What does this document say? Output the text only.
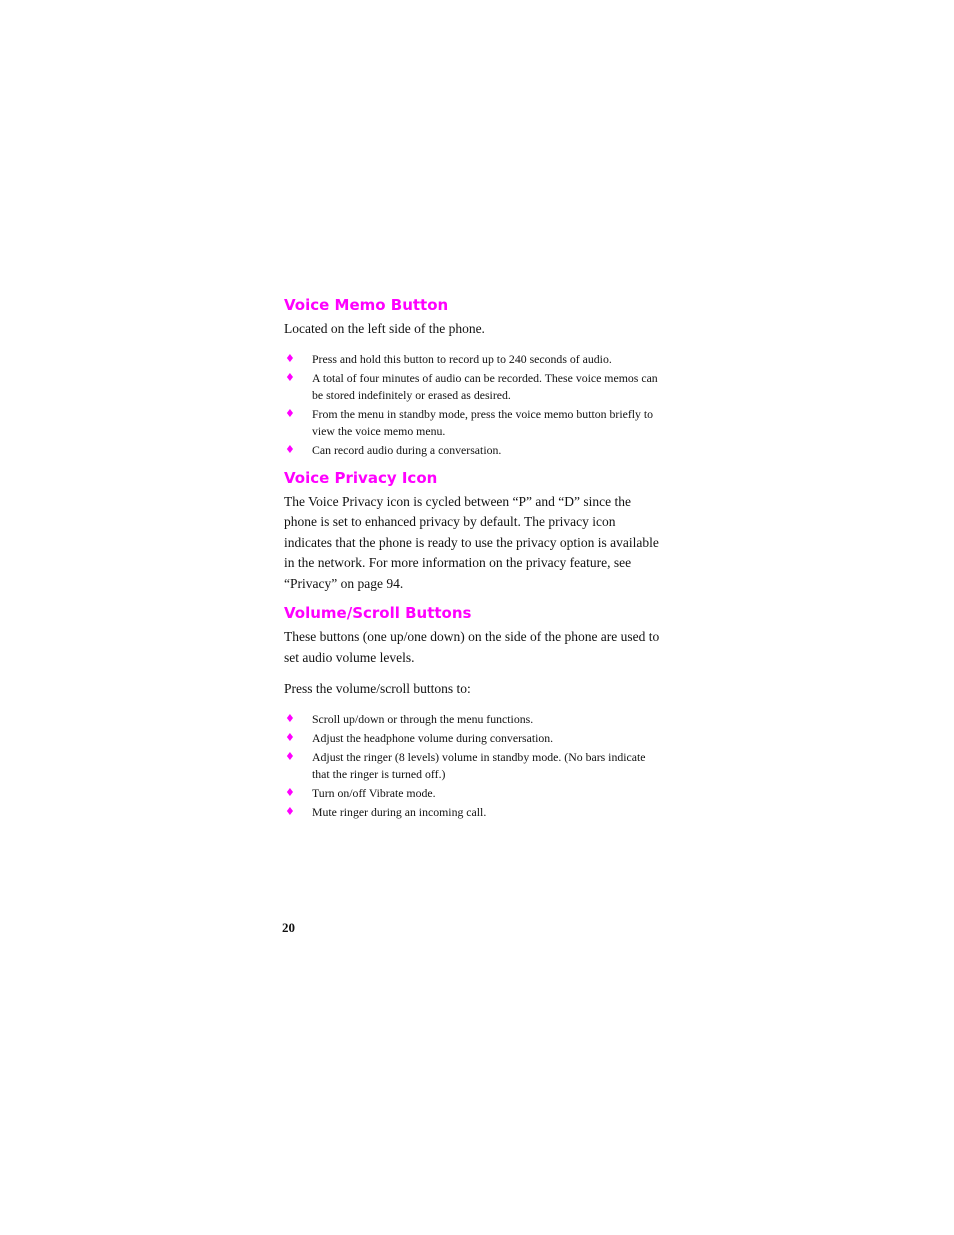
Voice Memo Button

Located on the left side of the phone.

♦ Press and hold this button to record up to 240 seconds of audio.
♦ A total of four minutes of audio can be recorded. These voice memos can be stored indefinitely or erased as desired.
♦ From the menu in standby mode, press the voice memo button briefly to view the voice memo menu.
♦ Can record audio during a conversation.
Voice Privacy Icon

The Voice Privacy icon is cycled between “P” and “D” since the phone is set to enhanced privacy by default. The privacy icon indicates that the phone is ready to use the privacy option is available in the network. For more information on the privacy feature, see “Privacy” on page 94.

Volume/Scroll Buttons

These buttons (one up/one down) on the side of the phone are used to set audio volume levels.

Press the volume/scroll buttons to:

♦ Scroll up/down or through the menu functions.
♦ Adjust the headphone volume during conversation.
♦ Adjust the ringer (8 levels) volume in standby mode. (No bars indicate that the ringer is turned off.)
♦ Turn on/off Vibrate mode.
♦ Mute ringer during an incoming call.
20
